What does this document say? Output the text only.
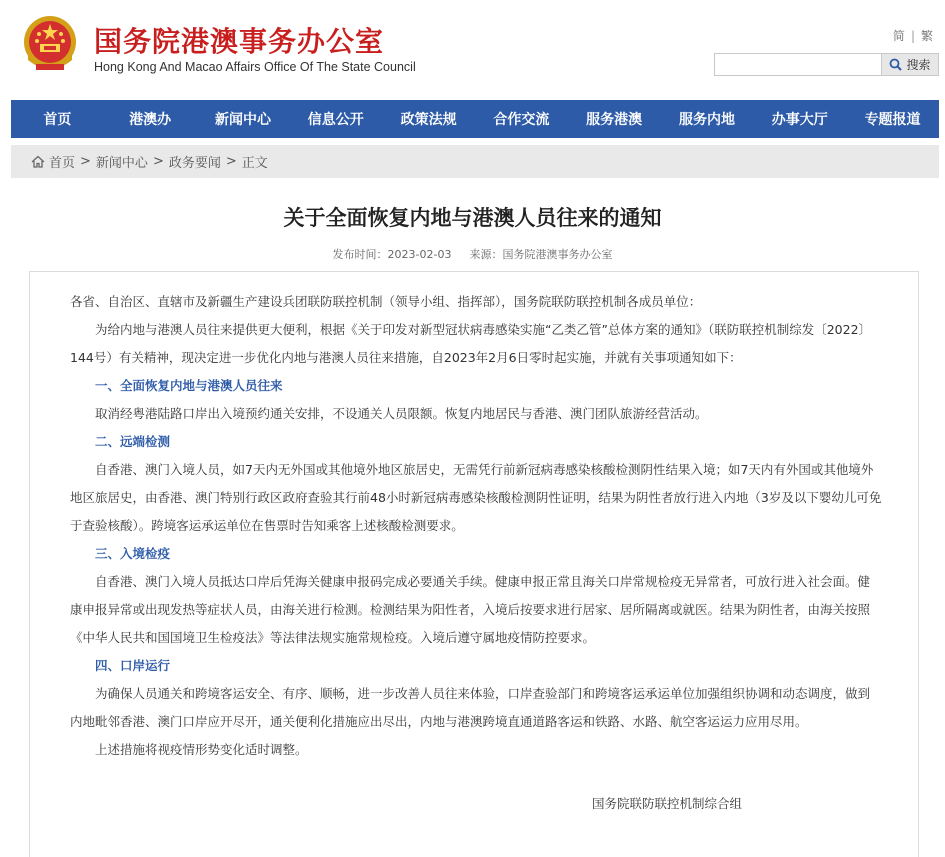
国务院港澳事务办公室
Hong Kong And Macao Affairs Office Of The State Council
简 | 繁
搜索
首页	港澳办	新闻中心	信息公开	政策法规	合作交流	服务港澳	服务内地	办事大厅	专题报道
首页 > 新闻中心 > 政务要闻 > 正文
关于全面恢复内地与港澳人员往来的通知
发布时间：2023-02-03 来源：国务院港澳事务办公室

各省、自治区、直辖市及新疆生产建设兵团联防联控机制（领导小组、指挥部），国务院联防联控机制各成员单位：

为给内地与港澳人员往来提供更大便利，根据《关于印发对新型冠状病毒感染实施“乙类乙管”总体方案的通知》（联防联控机制综发〔2022〕144号）有关精神，现决定进一步优化内地与港澳人员往来措施，自2023年2月6日零时起实施，并就有关事项通知如下：

一、全面恢复内地与港澳人员往来

取消经粤港陆路口岸出入境预约通关安排，不设通关人员限额。恢复内地居民与香港、澳门团队旅游经营活动。

二、远端检测

自香港、澳门入境人员，如7天内无外国或其他境外地区旅居史，无需凭行前新冠病毒感染核酸检测阴性结果入境；如7天内有外国或其他境外地区旅居史，由香港、澳门特别行政区政府查验其行前48小时新冠病毒感染核酸检测阴性证明，结果为阴性者放行进入内地（3岁及以下婴幼儿可免于查验核酸）。跨境客运承运单位在售票时告知乘客上述核酸检测要求。

三、入境检疫

自香港、澳门入境人员抵达口岸后凭海关健康申报码完成必要通关手续。健康申报正常且海关口岸常规检疫无异常者，可放行进入社会面。健康申报异常或出现发热等症状人员，由海关进行检测。检测结果为阳性者，入境后按要求进行居家、居所隔离或就医。结果为阴性者，由海关按照《中华人民共和国国境卫生检疫法》等法律法规实施常规检疫。入境后遵守属地疫情防控要求。

四、口岸运行

为确保人员通关和跨境客运安全、有序、顺畅，进一步改善人员往来体验，口岸查验部门和跨境客运承运单位加强组织协调和动态调度，做到内地毗邻香港、澳门口岸应开尽开，通关便利化措施应出尽出，内地与港澳跨境直通道路客运和铁路、水路、航空客运运力应用尽用。

上述措施将视疫情形势变化适时调整。

国务院联防联控机制综合组
